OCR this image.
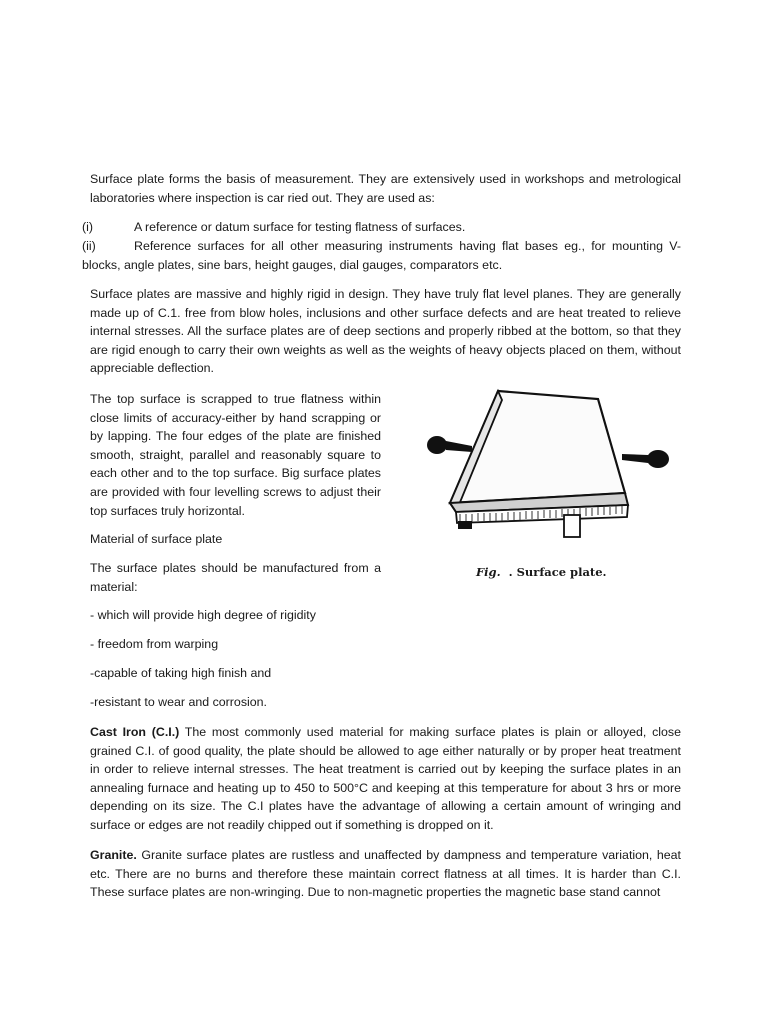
Surface plate forms the basis of measurement. They are extensively used in workshops and metrological laboratories where inspection is car ried out. They are used as:

(i)	A reference or datum surface for testing flatness of surfaces.

(ii)	Reference surfaces for all other measuring instruments having flat bases eg., for mounting V-blocks, angle plates, sine bars, height gauges, dial gauges, comparators etc.

Surface plates are massive and highly rigid in design. They have truly flat level planes. They are generally made up of C.1. free from blow holes, inclusions and other surface defects and are heat treated to relieve internal stresses. All the surface plates are of deep sections and properly ribbed at the bottom, so that they are rigid enough to carry their own weights as well as the weights of heavy objects placed on them, without appreciable deflection.

The top surface is scrapped to true flatness within close limits of accuracy-either by hand scrapping or by lapping. The four edges of the plate are finished smooth, straight, parallel and reasonably square to each other and to the top surface. Big surface plates are provided with four levelling screws to adjust their top surfaces truly horizontal.

Material of surface plate

The surface plates should be manufactured from a material:

- which will provide high degree of rigidity

- freedom from warping

-capable of taking high finish and

-resistant to wear and corrosion.

Cast Iron (C.I.) The most commonly used material for making surface plates is plain or alloyed, close grained C.I. of good quality, the plate should be allowed to age either naturally or by proper heat treatment in order to relieve internal stresses. The heat treatment is carried out by keeping the surface plates in an annealing furnace and heating up to 450 to 500°C and keeping at this temperature for about 3 hrs or more depending on its size. The C.I plates have the advantage of allowing a certain amount of wringing and surface or edges are not readily chipped out if something is dropped on it.

Granite. Granite surface plates are rustless and unaffected by dampness and temperature variation, heat etc. There are no burns and therefore these maintain correct flatness at all times. It is harder than C.I. These surface plates are non-wringing. Due to non-magnetic properties the magnetic base stand cannot

Fig. . Surface plate.
